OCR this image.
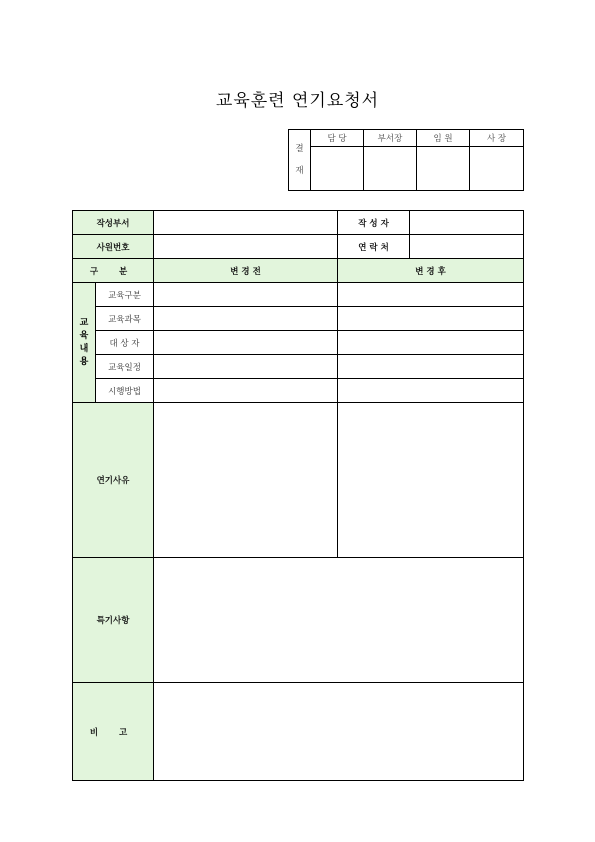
교육훈련 연기요청서
결
재	담 당	부서장	임 원	사 장

작성부서			작 성 자	
사원번호			연 락 처	
구 분		변 경 전	변 경 후	

교
육
내
용	교육구분			
	교육과목			
	대 상 자			
	교육일정			
	시행방법			
연기사유				
특기사항				
비 고				
